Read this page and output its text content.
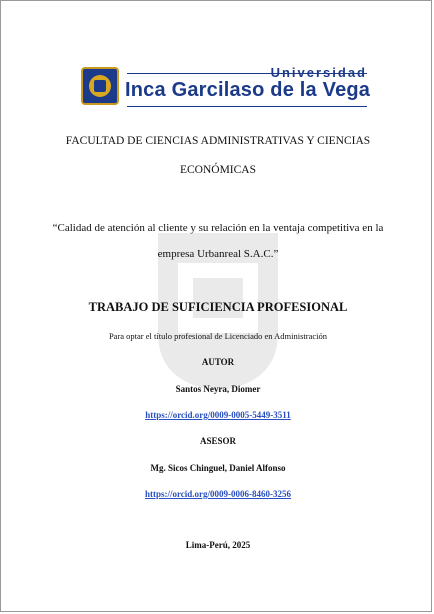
Universidad
Inca Garcilaso de la Vega
FACULTAD DE CIENCIAS ADMINISTRATIVAS Y CIENCIAS
ECONÓMICAS
“Calidad de atención al cliente y su relación en la ventaja competitiva en la
empresa Urbanreal S.A.C.”
TRABAJO DE SUFICIENCIA PROFESIONAL
Para optar el título profesional de Licenciado en Administración
AUTOR
Santos Neyra, Diomer
https://orcid.org/0009-0005-5449-3511
ASESOR
Mg. Sicos Chinguel, Daniel Alfonso
https://orcid.org/0009-0006-8460-3256
Lima-Perú, 2025
